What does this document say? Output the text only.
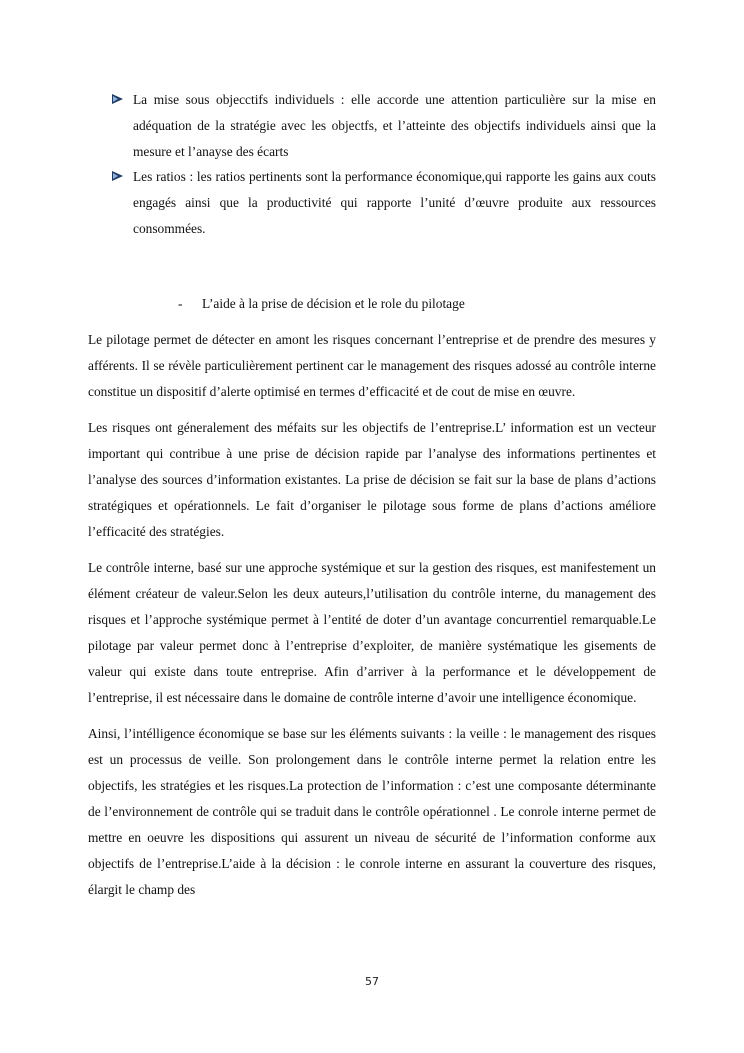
La mise sous objecctifs individuels : elle accorde une attention particulière sur la mise en adéquation de la stratégie avec les objectfs, et l’atteinte des objectifs individuels ainsi que la mesure et l’anayse des écarts
Les ratios : les ratios pertinents sont la performance économique,qui rapporte les gains aux couts engagés ainsi que la productivité qui rapporte l’unité d’œuvre produite aux ressources consommées.
- L’aide à la prise de décision et le role du pilotage

Le pilotage permet de détecter en amont les risques concernant l’entreprise et de prendre des mesures y afférents. Il se révèle particulièrement pertinent car le management des risques adossé au contrôle interne constitue un dispositif d’alerte optimisé en termes d’efficacité et de cout de mise en œuvre.

Les risques ont géneralement des méfaits sur les objectifs de l’entreprise.L’ information est un vecteur important qui contribue à une prise de décision rapide par l’analyse des informations pertinentes et l’analyse des sources d’information existantes. La prise de décision se fait sur la base de plans d’actions stratégiques et opérationnels. Le fait d’organiser le pilotage sous forme de plans d’actions améliore l’efficacité des stratégies.

Le contrôle interne, basé sur une approche systémique et sur la gestion des risques, est manifestement un élément créateur de valeur.Selon les deux auteurs,l’utilisation du contrôle interne, du management des risques et l’approche systémique permet à l’entité de doter d’un avantage concurrentiel remarquable.Le pilotage par valeur permet donc à l’entreprise d’exploiter, de manière systématique les gisements de valeur qui existe dans toute entreprise. Afin d’arriver à la performance et le développement de l’entreprise, il est nécessaire dans le domaine de contrôle interne d’avoir une intelligence économique.

Ainsi, l’intélligence économique se base sur les éléments suivants : la veille : le management des risques est un processus de veille. Son prolongement dans le contrôle interne permet la relation entre les objectifs, les stratégies et les risques.La protection de l’information : c’est une composante déterminante de l’environnement de contrôle qui se traduit dans le contrôle opérationnel . Le conrole interne permet de mettre en oeuvre les dispositions qui assurent un niveau de sécurité de l’information conforme aux objectifs de l’entreprise.L’aide à la décision : le conrole interne en assurant la couverture des risques, élargit le champ des

57
